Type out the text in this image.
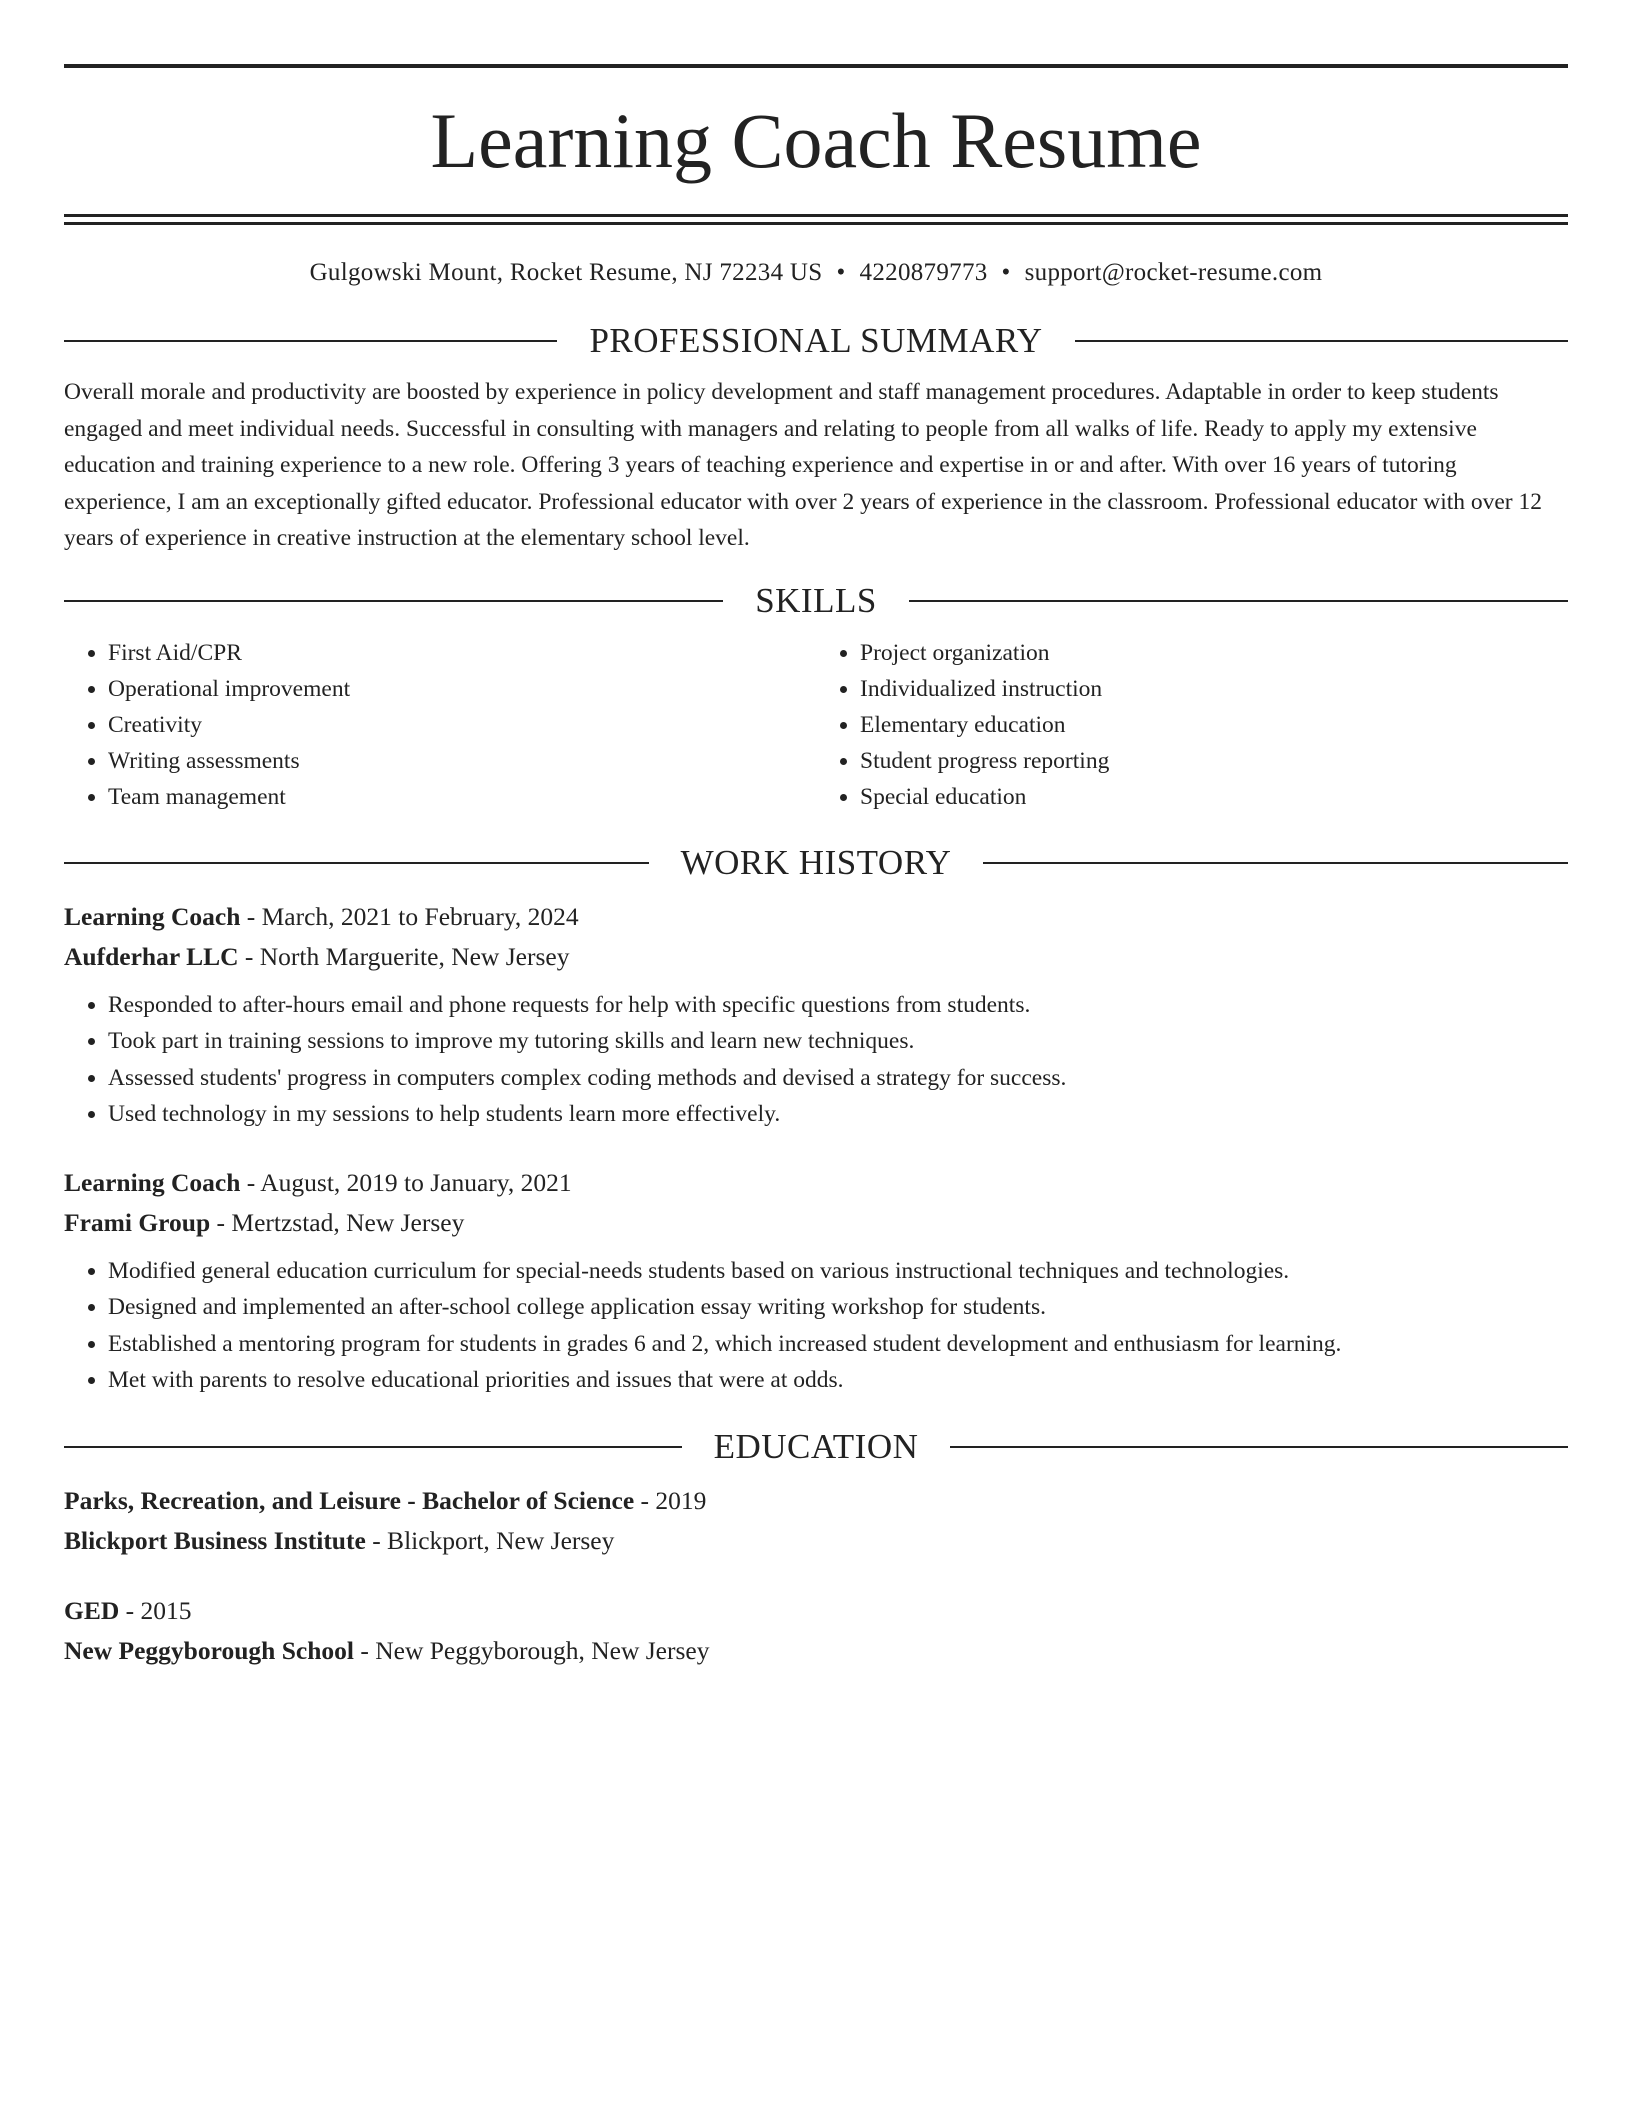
Learning Coach Resume
Gulgowski Mount, Rocket Resume, NJ 72234 US • 4220879773 • support@rocket-resume.com
PROFESSIONAL SUMMARY

Overall morale and productivity are boosted by experience in policy development and staff management procedures. Adaptable in order to keep students engaged and meet individual needs. Successful in consulting with managers and relating to people from all walks of life. Ready to apply my extensive education and training experience to a new role. Offering 3 years of teaching experience and expertise in or and after. With over 16 years of tutoring experience, I am an exceptionally gifted educator. Professional educator with over 2 years of experience in the classroom. Professional educator with over 12 years of experience in creative instruction at the elementary school level.

SKILLS
• First Aid/CPR
• Operational improvement
• Creativity
• Writing assessments
• Team management
• Project organization
• Individualized instruction
• Elementary education
• Student progress reporting
• Special education
WORK HISTORY
Learning Coach - March, 2021 to February, 2024
Aufderhar LLC - North Marguerite, New Jersey
• Responded to after-hours email and phone requests for help with specific questions from students.
• Took part in training sessions to improve my tutoring skills and learn new techniques.
• Assessed students' progress in computers complex coding methods and devised a strategy for success.
• Used technology in my sessions to help students learn more effectively.
Learning Coach - August, 2019 to January, 2021
Frami Group - Mertzstad, New Jersey
• Modified general education curriculum for special-needs students based on various instructional techniques and technologies.
• Designed and implemented an after-school college application essay writing workshop for students.
• Established a mentoring program for students in grades 6 and 2, which increased student development and enthusiasm for learning.
• Met with parents to resolve educational priorities and issues that were at odds.
EDUCATION
Parks, Recreation, and Leisure - Bachelor of Science - 2019
Blickport Business Institute - Blickport, New Jersey
GED - 2015
New Peggyborough School - New Peggyborough, New Jersey
